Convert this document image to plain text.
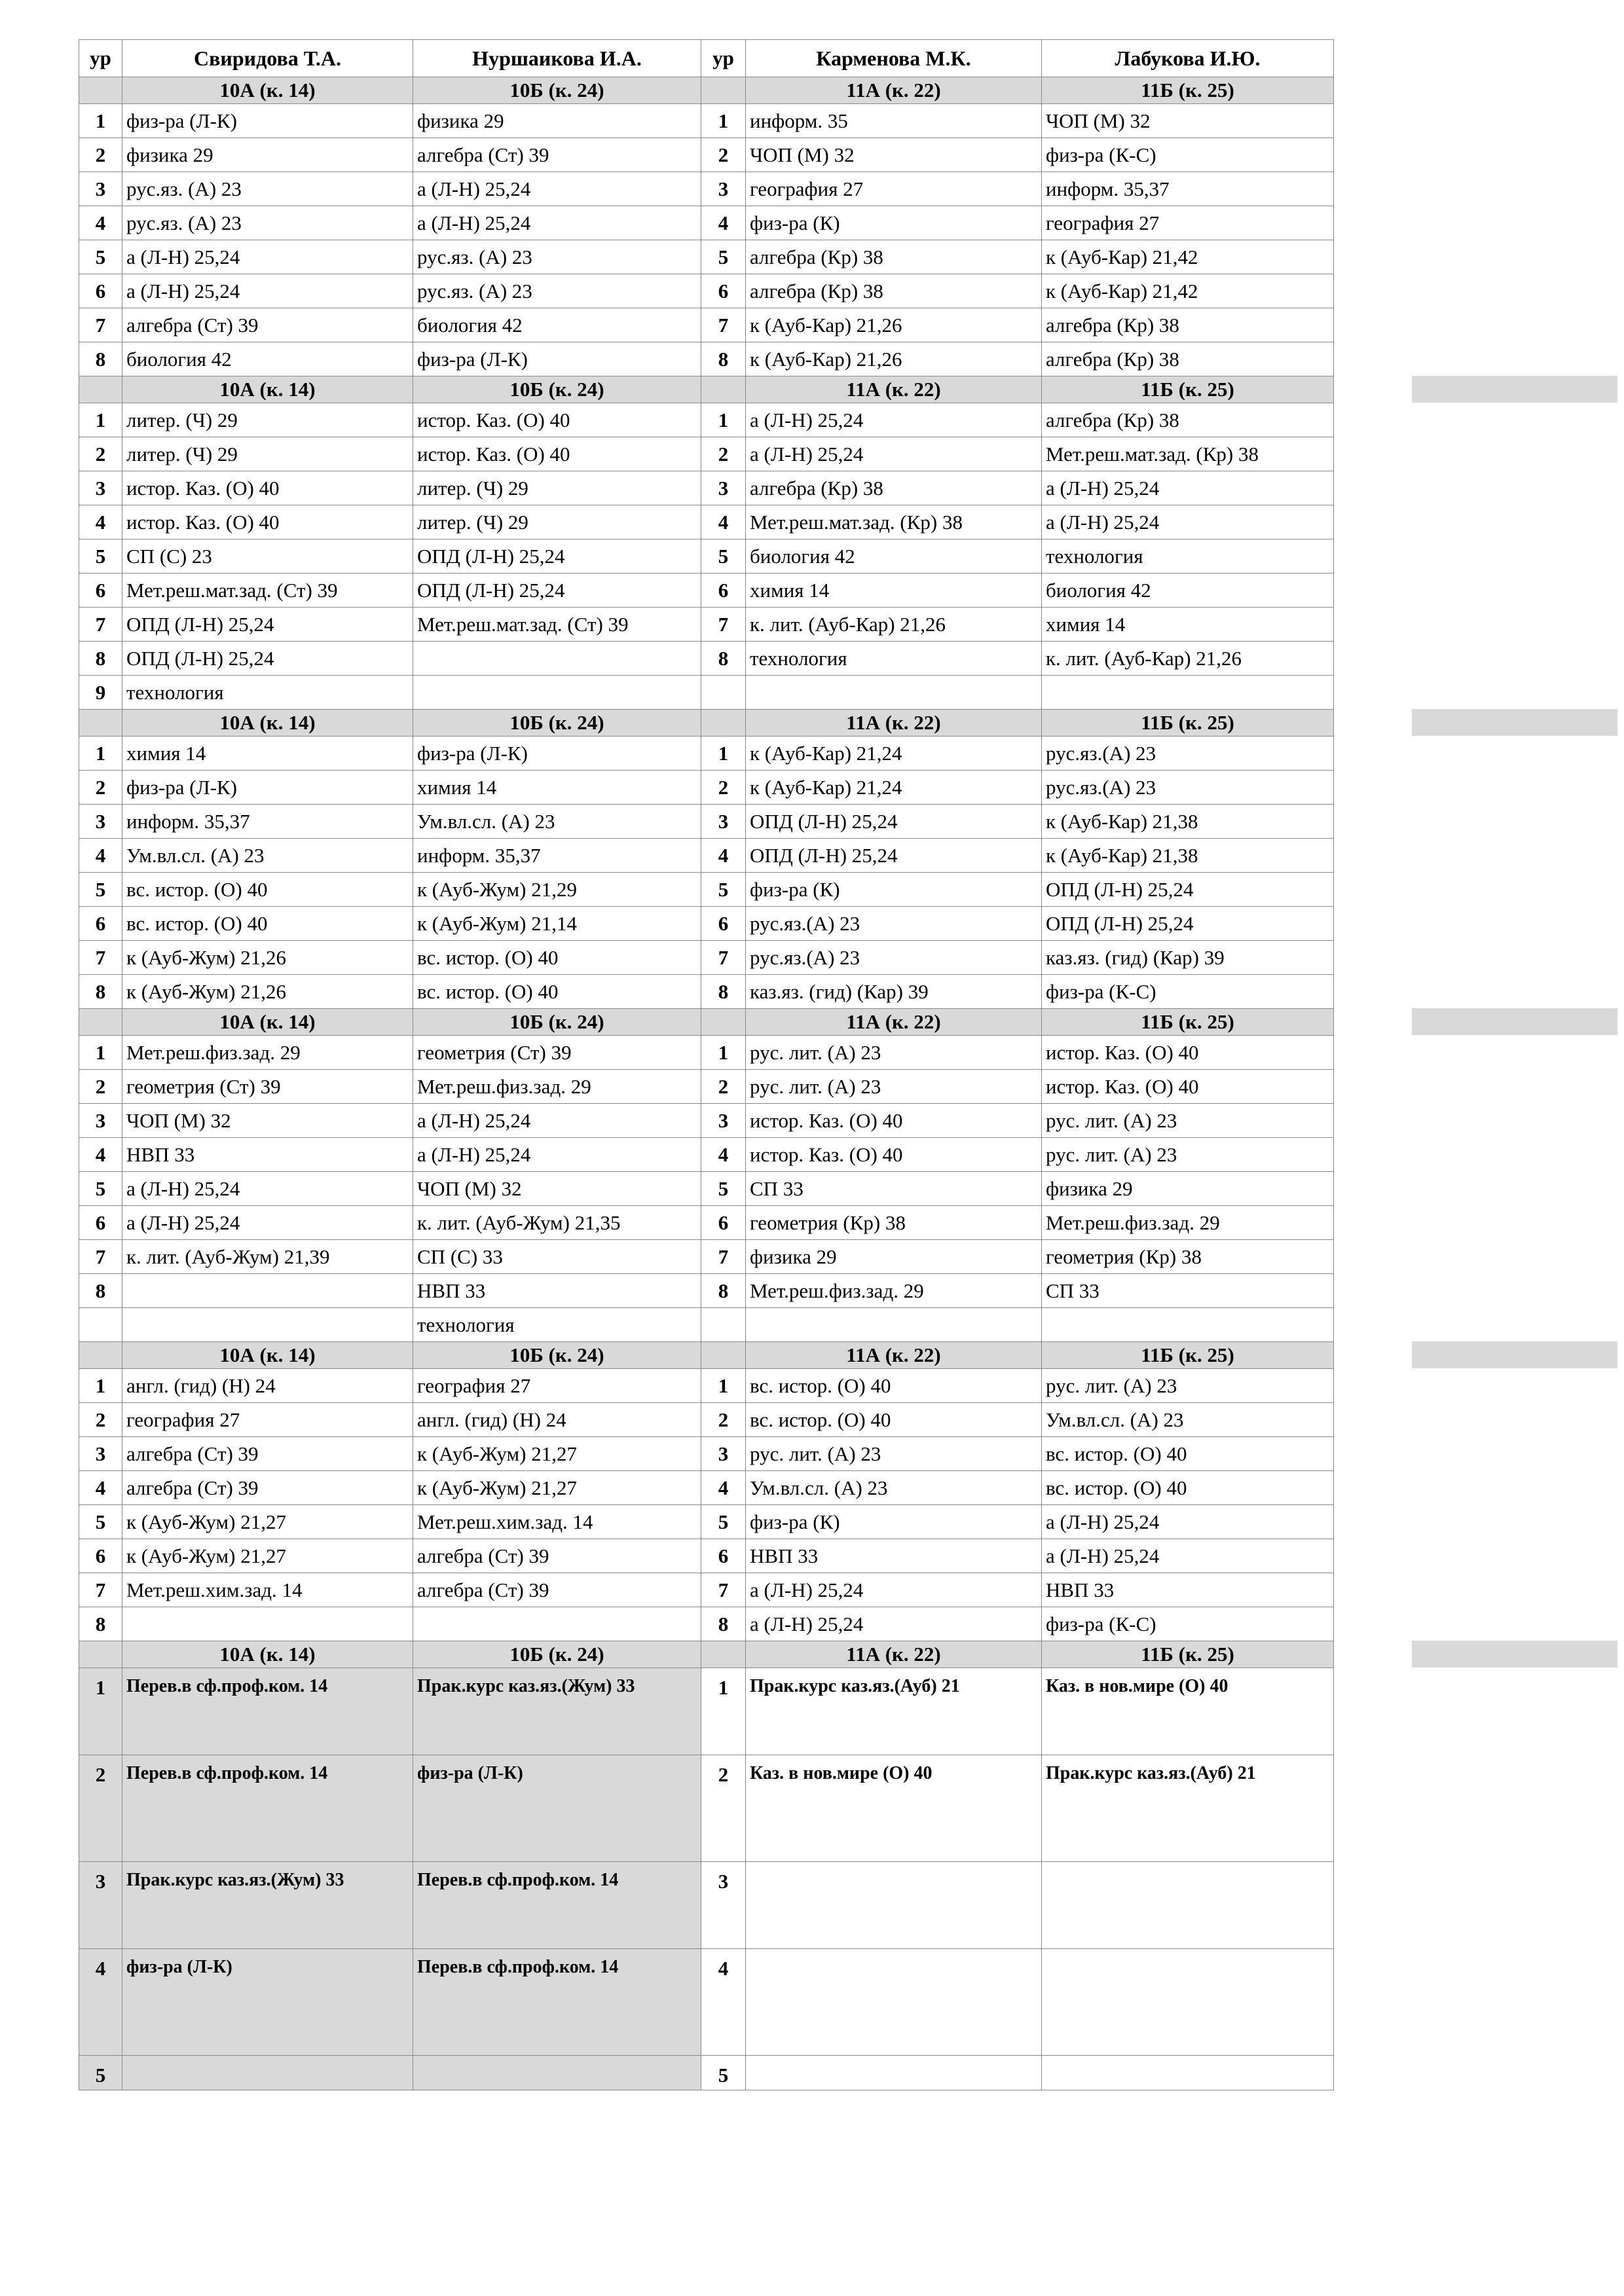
ур	Свиридова Т.А.	Нуршаикова И.А.	ур	Карменова М.К.	Лабукова И.Ю.
	10А (к. 14)	10Б (к. 24)		11А (к. 22)	11Б (к. 25)
1	физ-ра (Л-К)	физика 29	1	информ. 35	ЧОП (М) 32
2	физика 29	алгебра (Ст) 39	2	ЧОП (М) 32	физ-ра (К-С)
3	рус.яз. (А) 23	а (Л-Н) 25,24	3	география 27	информ. 35,37
4	рус.яз. (А) 23	а (Л-Н) 25,24	4	физ-ра (К)	география 27
5	а (Л-Н) 25,24	рус.яз. (А) 23	5	алгебра (Кр) 38	к (Ауб-Кар) 21,42
6	а (Л-Н) 25,24	рус.яз. (А) 23	6	алгебра (Кр) 38	к (Ауб-Кар) 21,42
7	алгебра (Ст) 39	биология 42	7	к (Ауб-Кар) 21,26	алгебра (Кр) 38
8	биология 42	физ-ра (Л-К)	8	к (Ауб-Кар) 21,26	алгебра (Кр) 38
	10А (к. 14)	10Б (к. 24)		11А (к. 22)	11Б (к. 25)
1	литер. (Ч) 29	истор. Каз. (О) 40	1	а (Л-Н) 25,24	алгебра (Кр) 38
2	литер. (Ч) 29	истор. Каз. (О) 40	2	а (Л-Н) 25,24	Мет.реш.мат.зад. (Кр) 38
3	истор. Каз. (О) 40	литер. (Ч) 29	3	алгебра (Кр) 38	а (Л-Н) 25,24
4	истор. Каз. (О) 40	литер. (Ч) 29	4	Мет.реш.мат.зад. (Кр) 38	а (Л-Н) 25,24
5	СП (С) 23	ОПД (Л-Н) 25,24	5	биология 42	технология
6	Мет.реш.мат.зад. (Ст) 39	ОПД (Л-Н) 25,24	6	химия 14	биология 42
7	ОПД (Л-Н) 25,24	Мет.реш.мат.зад. (Ст) 39	7	к. лит. (Ауб-Кар) 21,26	химия 14
8	ОПД (Л-Н) 25,24		8	технология	к. лит. (Ауб-Кар) 21,26
9	технология				
	10А (к. 14)	10Б (к. 24)		11А (к. 22)	11Б (к. 25)
1	химия 14	физ-ра (Л-К)	1	к (Ауб-Кар) 21,24	рус.яз.(А) 23
2	физ-ра (Л-К)	химия 14	2	к (Ауб-Кар) 21,24	рус.яз.(А) 23
3	информ. 35,37	Ум.вл.сл. (А) 23	3	ОПД (Л-Н) 25,24	к (Ауб-Кар) 21,38
4	Ум.вл.сл. (А) 23	информ. 35,37	4	ОПД (Л-Н) 25,24	к (Ауб-Кар) 21,38
5	вс. истор. (О) 40	к (Ауб-Жум) 21,29	5	физ-ра (К)	ОПД (Л-Н) 25,24
6	вс. истор. (О) 40	к (Ауб-Жум) 21,14	6	рус.яз.(А) 23	ОПД (Л-Н) 25,24
7	к (Ауб-Жум) 21,26	вс. истор. (О) 40	7	рус.яз.(А) 23	каз.яз. (гид) (Кар) 39
8	к (Ауб-Жум) 21,26	вс. истор. (О) 40	8	каз.яз. (гид) (Кар) 39	физ-ра (К-С)
	10А (к. 14)	10Б (к. 24)		11А (к. 22)	11Б (к. 25)
1	Мет.реш.физ.зад. 29	геометрия (Ст) 39	1	рус. лит. (А) 23	истор. Каз. (О) 40
2	геометрия (Ст) 39	Мет.реш.физ.зад. 29	2	рус. лит. (А) 23	истор. Каз. (О) 40
3	ЧОП (М) 32	а (Л-Н) 25,24	3	истор. Каз. (О) 40	рус. лит. (А) 23
4	НВП 33	а (Л-Н) 25,24	4	истор. Каз. (О) 40	рус. лит. (А) 23
5	а (Л-Н) 25,24	ЧОП (М) 32	5	СП 33	физика 29
6	а (Л-Н) 25,24	к. лит. (Ауб-Жум) 21,35	6	геометрия (Кр) 38	Мет.реш.физ.зад. 29
7	к. лит. (Ауб-Жум) 21,39	СП (С) 33	7	физика 29	геометрия (Кр) 38
8		НВП 33	8	Мет.реш.физ.зад. 29	СП 33
		технология			
	10А (к. 14)	10Б (к. 24)		11А (к. 22)	11Б (к. 25)
1	англ. (гид) (Н) 24	география 27	1	вс. истор. (О) 40	рус. лит. (А) 23
2	география 27	англ. (гид) (Н) 24	2	вс. истор. (О) 40	Ум.вл.сл. (А) 23
3	алгебра (Ст) 39	к (Ауб-Жум) 21,27	3	рус. лит. (А) 23	вс. истор. (О) 40
4	алгебра (Ст) 39	к (Ауб-Жум) 21,27	4	Ум.вл.сл. (А) 23	вс. истор. (О) 40
5	к (Ауб-Жум) 21,27	Мет.реш.хим.зад. 14	5	физ-ра (К)	а (Л-Н) 25,24
6	к (Ауб-Жум) 21,27	алгебра (Ст) 39	6	НВП 33	а (Л-Н) 25,24
7	Мет.реш.хим.зад. 14	алгебра (Ст) 39	7	а (Л-Н) 25,24	НВП 33
8			8	а (Л-Н) 25,24	физ-ра (К-С)
	10А (к. 14)	10Б (к. 24)		11А (к. 22)	11Б (к. 25)
1	Перев.в сф.проф.ком. 14	Прак.курс каз.яз.(Жум) 33	1	Прак.курс каз.яз.(Ауб) 21	Каз. в нов.мире (О) 40
2	Перев.в сф.проф.ком. 14	физ-ра (Л-К)	2	Каз. в нов.мире (О) 40	Прак.курс каз.яз.(Ауб) 21
3	Прак.курс каз.яз.(Жум) 33	Перев.в сф.проф.ком. 14	3		
4	физ-ра (Л-К)	Перев.в сф.проф.ком. 14	4		
5			5		
